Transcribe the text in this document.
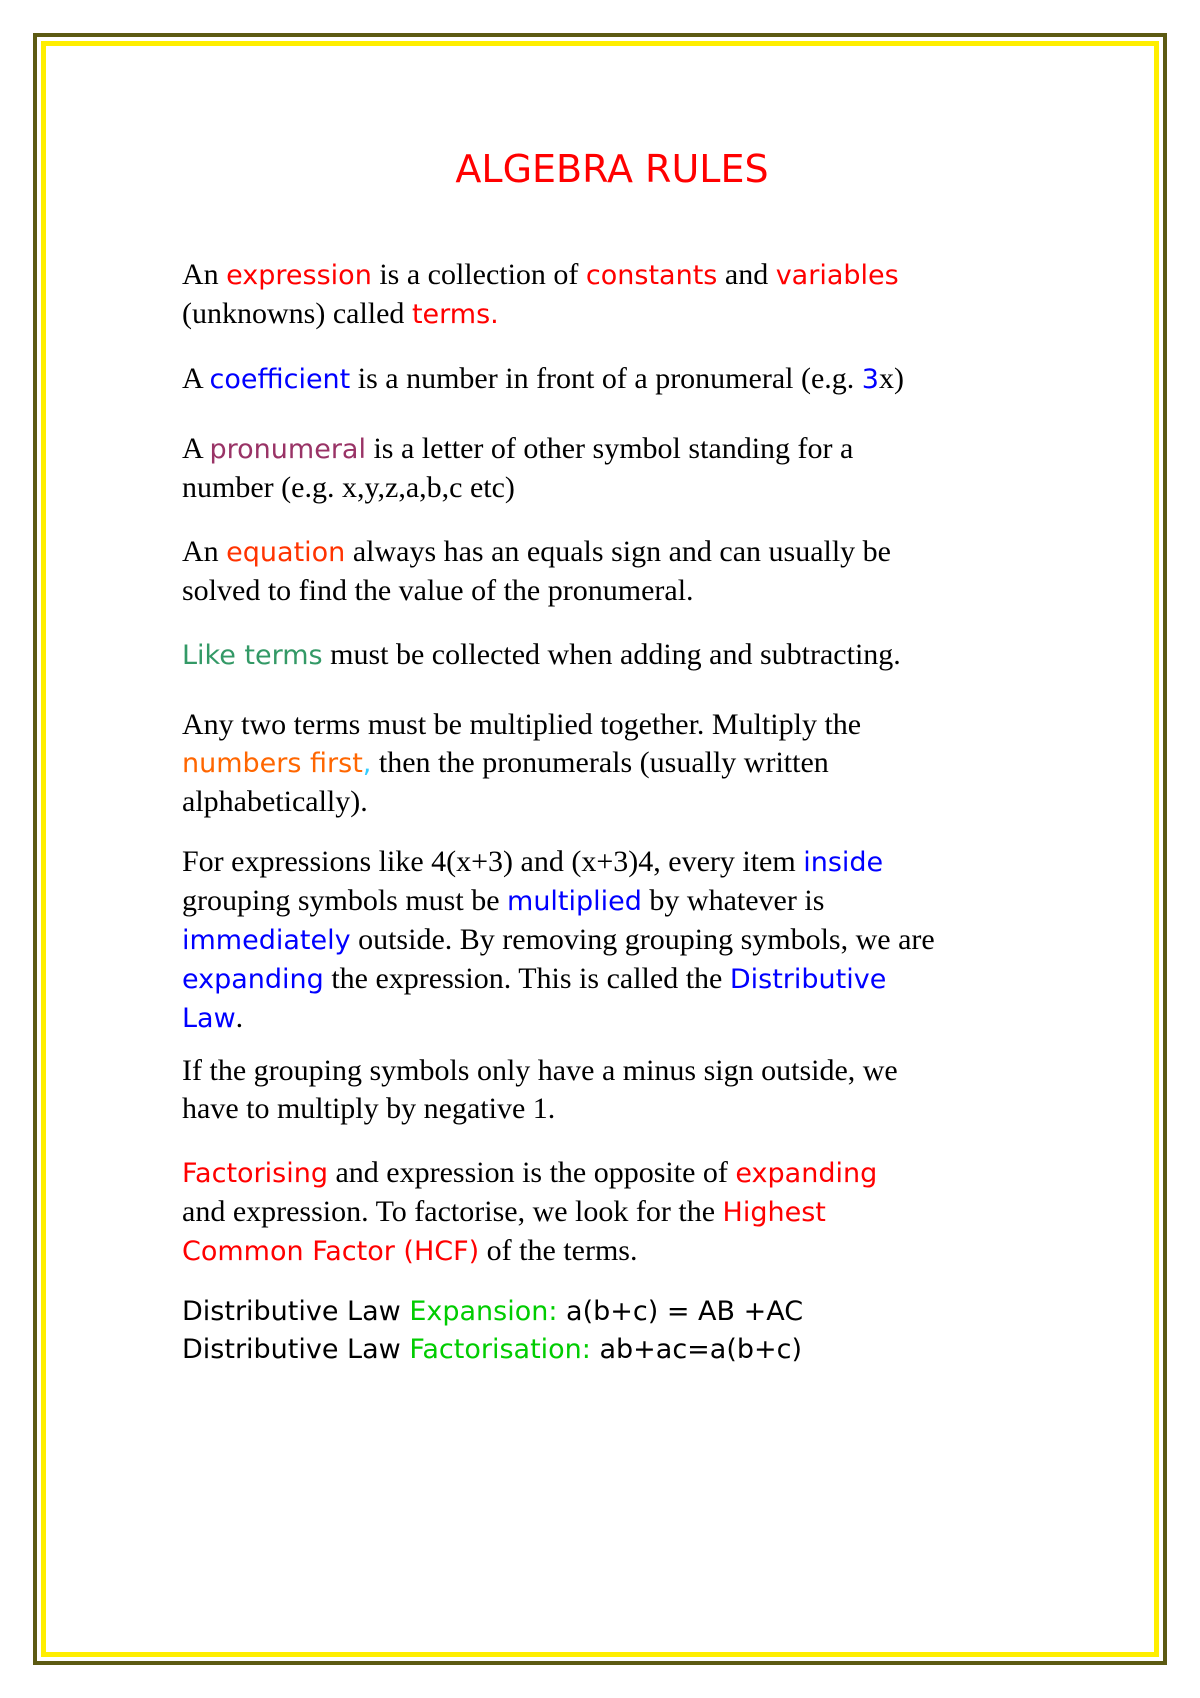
ALGEBRA RULES

An expression is a collection of constants and variables
(unknowns) called terms.

A coefficient is a number in front of a pronumeral (e.g. 3x)

A pronumeral is a letter of other symbol standing for a
number (e.g. x,y,z,a,b,c etc)

An equation always has an equals sign and can usually be
solved to find the value of the pronumeral.

Like terms must be collected when adding and subtracting.

Any two terms must be multiplied together. Multiply the
numbers first, then the pronumerals (usually written
alphabetically).

For expressions like 4(x+3) and (x+3)4, every item inside
grouping symbols must be multiplied by whatever is
immediately outside. By removing grouping symbols, we are
expanding the expression. This is called the Distributive
Law.

If the grouping symbols only have a minus sign outside, we
have to multiply by negative 1.

Factorising and expression is the opposite of expanding
and expression. To factorise, we look for the Highest
Common Factor (HCF) of the terms.

Distributive Law Expansion: a(b+c) = AB +AC
Distributive Law Factorisation: ab+ac=a(b+c)
